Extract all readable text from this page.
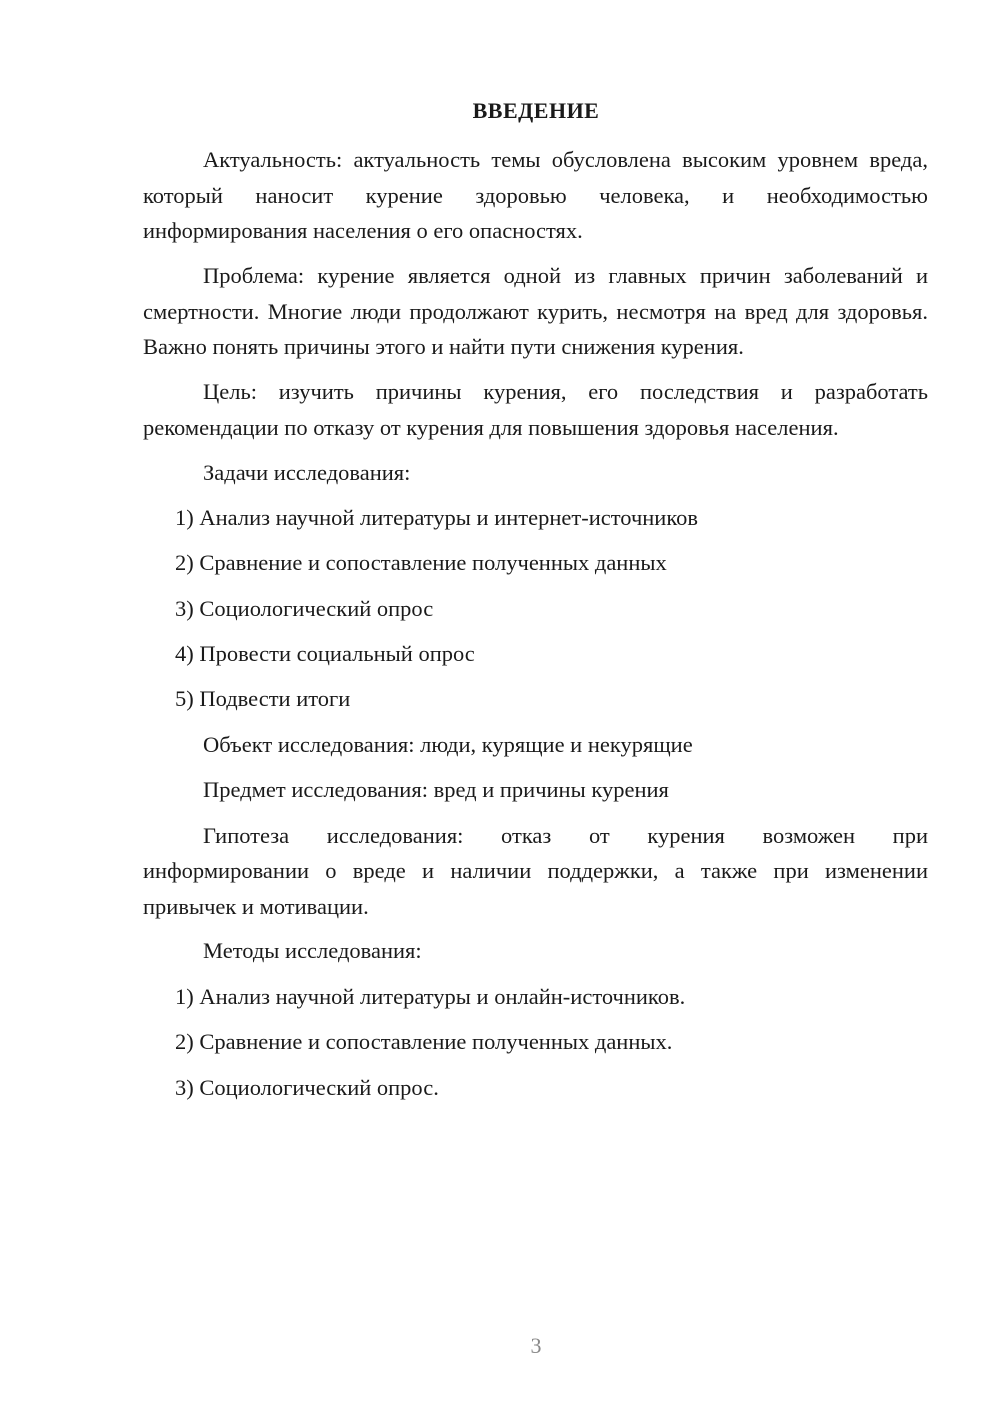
ВВЕДЕНИЕ
Актуальность: актуальность темы обусловлена высоким уровнем вреда, который наносит курение здоровью человека, и необходимостью информирования населения о его опасностях.
Проблема: курение является одной из главных причин заболеваний и смертности. Многие люди продолжают курить, несмотря на вред для здоровья. Важно понять причины этого и найти пути снижения курения.
Цель: изучить причины курения, его последствия и разработать рекомендации по отказу от курения для повышения здоровья населения.
Задачи исследования:
1) Анализ научной литературы и интернет-источников
2) Сравнение и сопоставление полученных данных
3) Социологический опрос
4) Провести социальный опрос
5) Подвести итоги
Объект исследования: люди, курящие и некурящие
Предмет исследования: вред и причины курения
Гипотеза исследования: отказ от курения возможен при
информировании о вреде и наличии поддержки, а также при изменении привычек и мотивации.
Методы исследования:
1) Анализ научной литературы и онлайн-источников.
2) Сравнение и сопоставление полученных данных.
3) Социологический опрос.
3
